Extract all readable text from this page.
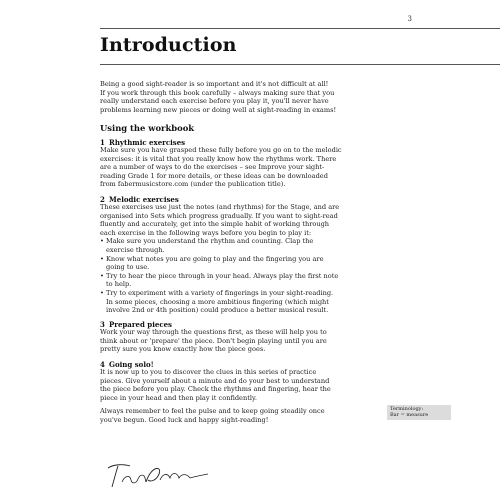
3
Introduction
Being a good sight-reader is so important and it's not difficult at all!
If you work through this book carefully – always making sure that you
really understand each exercise before you play it, you'll never have
problems learning new pieces or doing well at sight-reading in exams!
Using the workbook
1 Rhythmic exercises
Make sure you have grasped these fully before you go on to the melodic
exercises: it is vital that you really know how the rhythms work. There
are a number of ways to do the exercises – see Improve your sight-
reading Grade 1 for more details, or these ideas can be downloaded
from fabermusicstore.com (under the publication title).
2 Melodic exercises
These exercises use just the notes (and rhythms) for the Stage, and are
organised into Sets which progress gradually. If you want to sight-read
fluently and accurately, get into the simple habit of working through
each exercise in the following ways before you begin to play it:
• Make sure you understand the rhythm and counting. Clap the
exercise through.
• Know what notes you are going to play and the fingering you are
going to use.
• Try to hear the piece through in your head. Always play the first note
to help.
• Try to experiment with a variety of fingerings in your sight-reading.
In some pieces, choosing a more ambitious fingering (which might
involve 2nd or 4th position) could produce a better musical result.
3 Prepared pieces
Work your way through the questions first, as these will help you to
think about or 'prepare' the piece. Don't begin playing until you are
pretty sure you know exactly how the piece goes.
4 Going solo!
It is now up to you to discover the clues in this series of practice
pieces. Give yourself about a minute and do your best to understand
the piece before you play. Check the rhythms and fingering, hear the
piece in your head and then play it confidently.
Always remember to feel the pulse and to keep going steadily once
you've begun. Good luck and happy sight-reading!
Terminology:
Bar = measure
